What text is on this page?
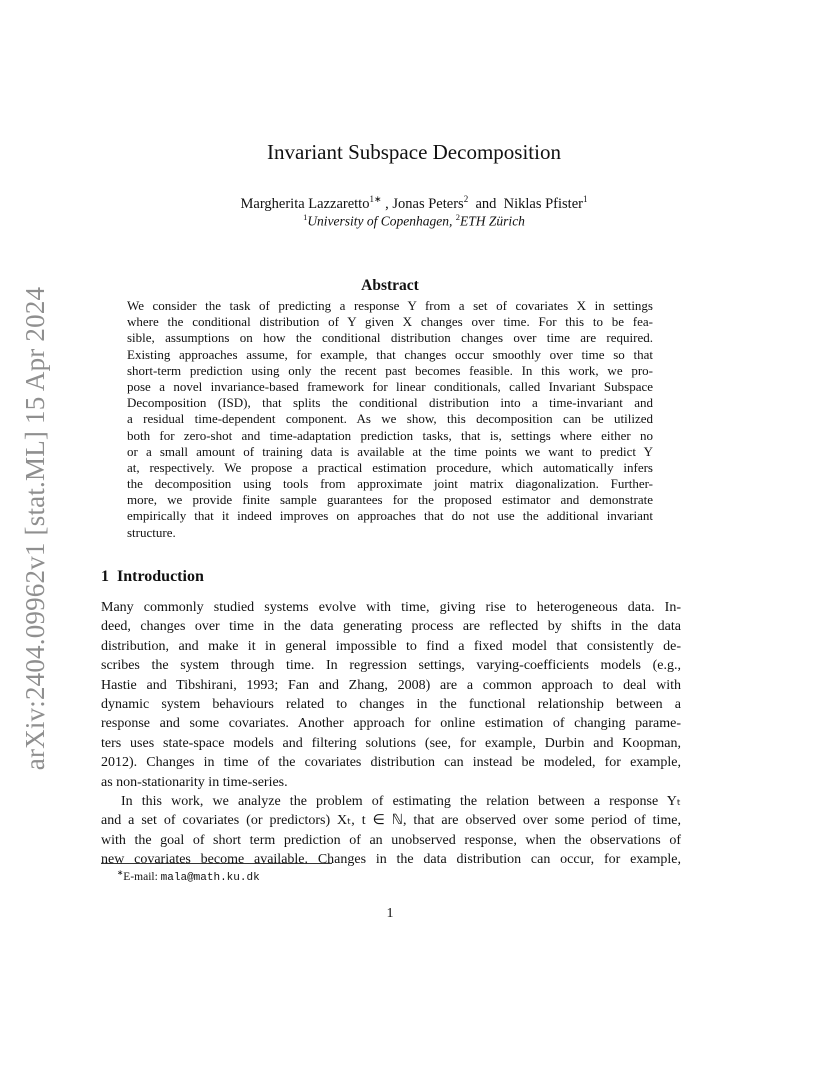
arXiv:2404.09962v1 [stat.ML] 15 Apr 2024
Invariant Subspace Decomposition
Margherita Lazzaretto$^{1∗}$ , Jonas Peters$^2$  and  Niklas Pfister$^1$
$^1$University of Copenhagen, $^2$ETH Zürich
Abstract
We consider the task of predicting a response Y from a set of covariates X in settings
where the conditional distribution of Y given X changes over time. For this to be fea-
sible, assumptions on how the conditional distribution changes over time are required.
Existing approaches assume, for example, that changes occur smoothly over time so that
short-term prediction using only the recent past becomes feasible. In this work, we pro-
pose a novel invariance-based framework for linear conditionals, called Invariant Subspace
Decomposition (ISD), that splits the conditional distribution into a time-invariant and
a residual time-dependent component. As we show, this decomposition can be utilized
both for zero-shot and time-adaptation prediction tasks, that is, settings where either no
or a small amount of training data is available at the time points we want to predict Y
at, respectively. We propose a practical estimation procedure, which automatically infers
the decomposition using tools from approximate joint matrix diagonalization. Further-
more, we provide finite sample guarantees for the proposed estimator and demonstrate
empirically that it indeed improves on approaches that do not use the additional invariant
structure.
1 Introduction
Many commonly studied systems evolve with time, giving rise to heterogeneous data. In-
deed, changes over time in the data generating process are reflected by shifts in the data
distribution, and make it in general impossible to find a fixed model that consistently de-
scribes the system through time. In regression settings, varying-coefficients models (e.g.,
Hastie and Tibshirani, 1993; Fan and Zhang, 2008) are a common approach to deal with
dynamic system behaviours related to changes in the functional relationship between a
response and some covariates. Another approach for online estimation of changing parame-
ters uses state-space models and filtering solutions (see, for example, Durbin and Koopman,
2012). Changes in time of the covariates distribution can instead be modeled, for example,
as non-stationarity in time-series.
In this work, we analyze the problem of estimating the relation between a response Yₜ
and a set of covariates (or predictors) Xₜ, t ∈ ℕ, that are observed over some period of time,
with the goal of short term prediction of an unobserved response, when the observations of
new covariates become available. Changes in the data distribution can occur, for example,
∗E-mail: mala@math.ku.dk
1
